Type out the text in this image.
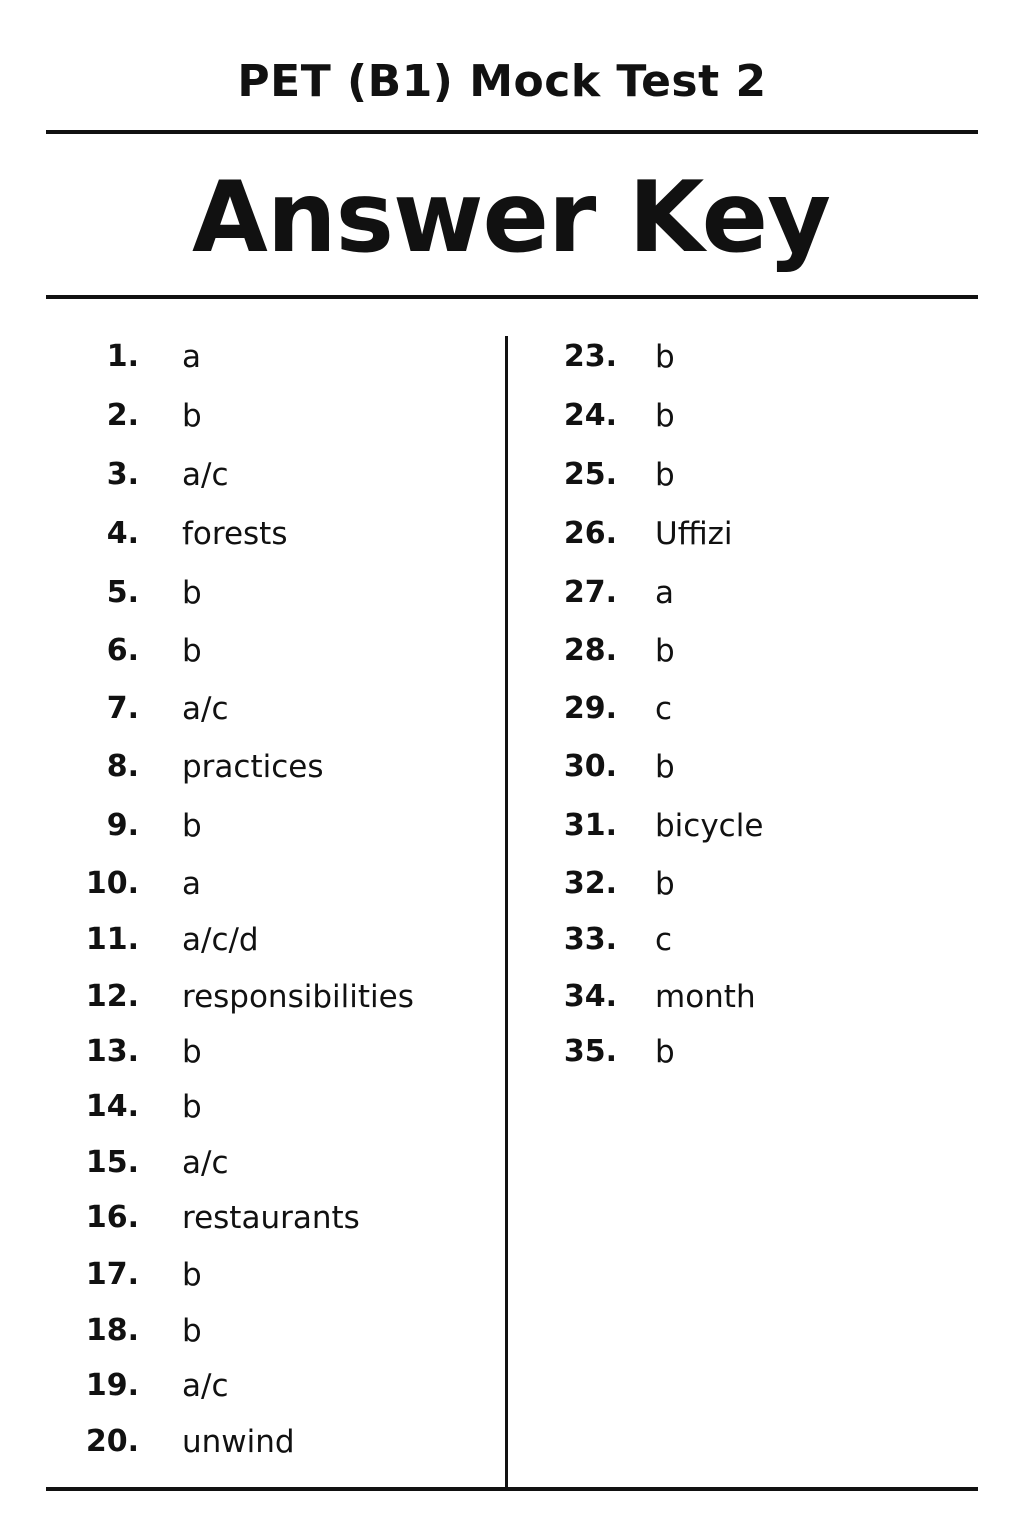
PET (B1) Mock Test 2
Answer Key
1. a
2. b
3. a/c
4. forests
5. b
6. b
7. a/c
8. practices
9. b
10. a
11. a/c/d
12. responsibilities
13. b
14. b
15. a/c
16. restaurants
17. b
18. b
19. a/c
20. unwind
23. b
24. b
25. b
26. Uffizi
27. a
28. b
29. c
30. b
31. bicycle
32. b
33. c
34. month
35. b
